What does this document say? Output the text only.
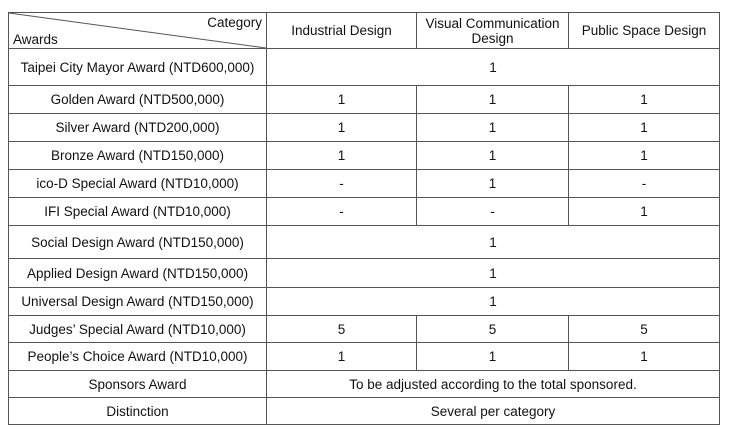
Category
Awards	Industrial Design	Visual Communication Design	Public Space Design
Taipei City Mayor Award (NTD600,000)	1		
Golden Award (NTD500,000)	1	1	1
Silver Award (NTD200,000)	1	1	1
Bronze Award (NTD150,000)	1	1	1
ico-D Special Award (NTD10,000)	-	1	-
IFI Special Award (NTD10,000)	-	-	1
Social Design Award (NTD150,000)	1		
Applied Design Award (NTD150,000)	1		
Universal Design Award (NTD150,000)	1		
Judges’ Special Award (NTD10,000)	5	5	5
People’s Choice Award (NTD10,000)	1	1	1
Sponsors Award	To be adjusted according to the total sponsored.		
Distinction	Several per category		
